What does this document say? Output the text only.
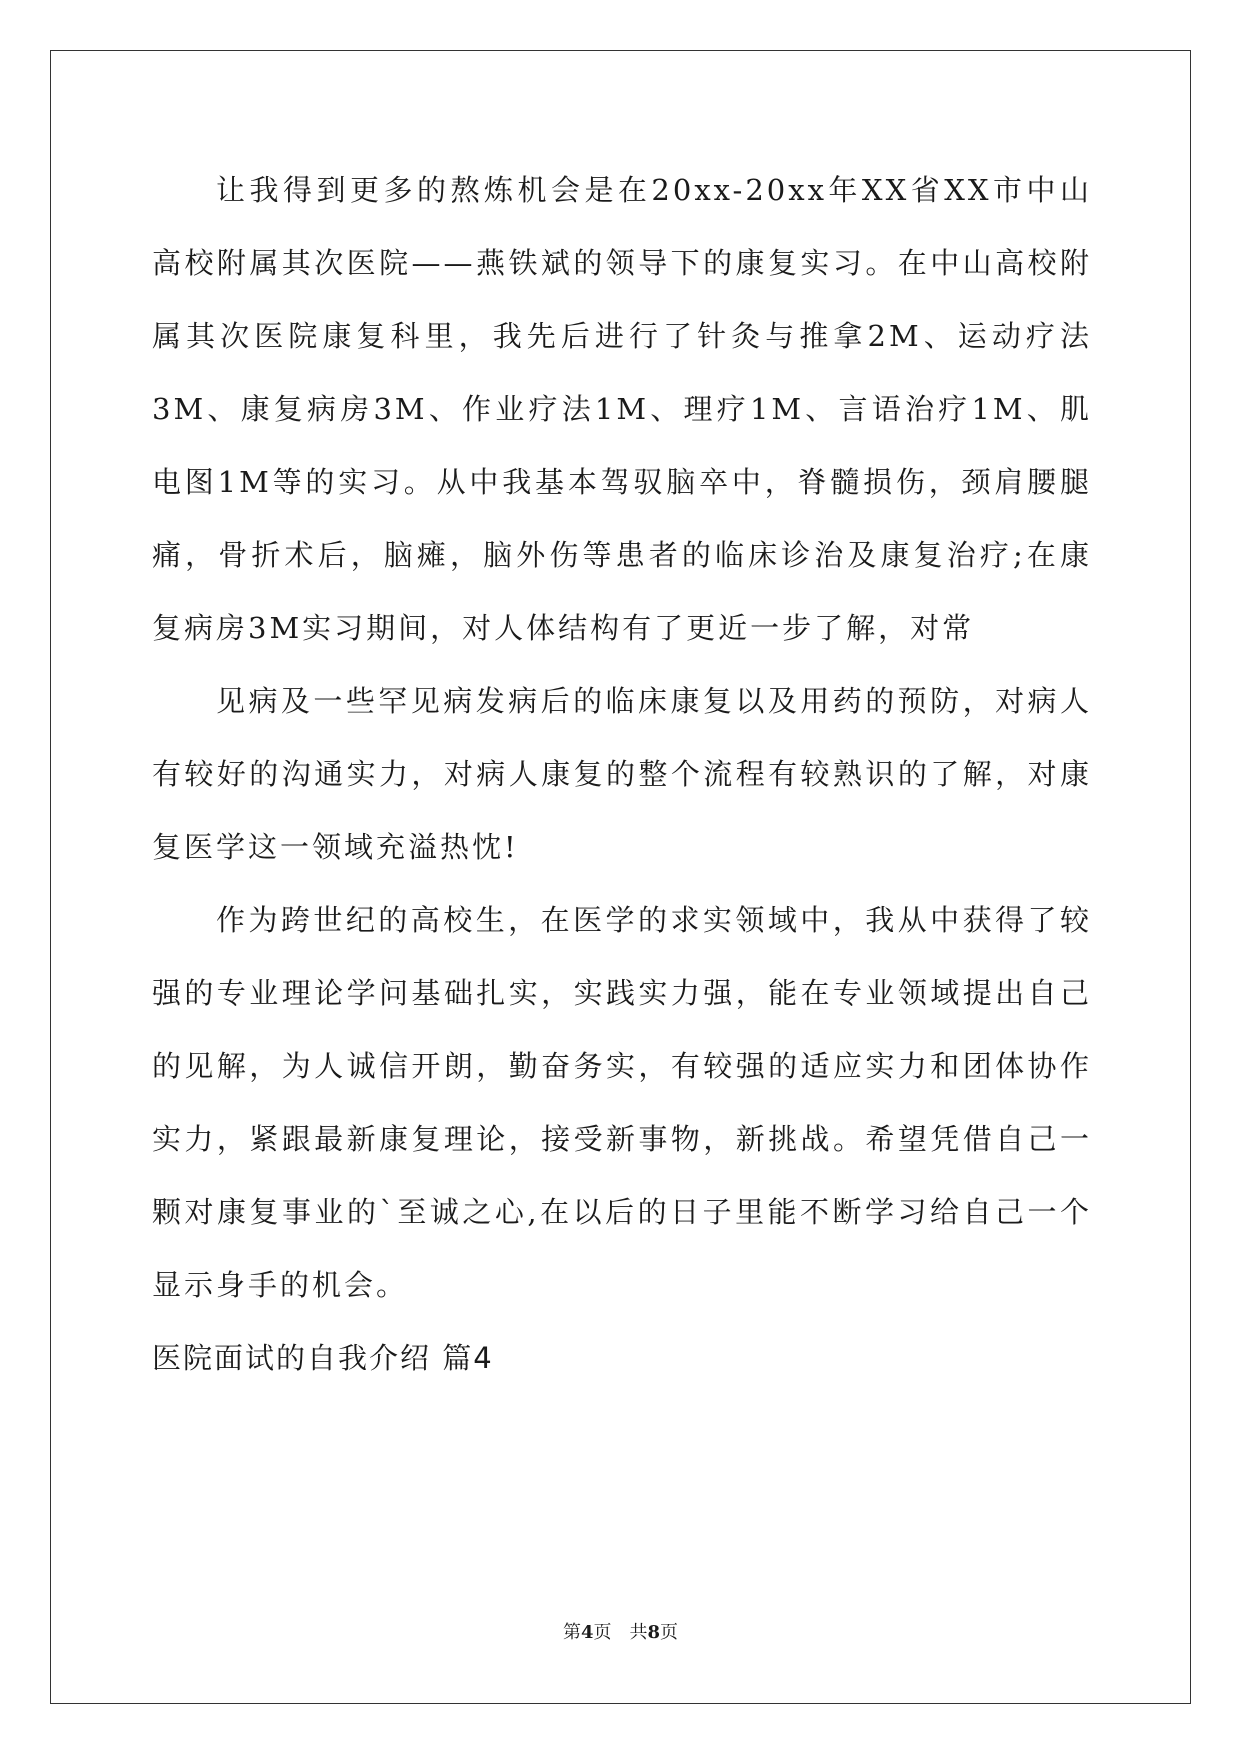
让我得到更多的熬炼机会是在20xx-20xx年XX省XX市中山高校附属其次医院——燕铁斌的领导下的康复实习。在中山高校附属其次医院康复科里，我先后进行了针灸与推拿2M、运动疗法3M、康复病房3M、作业疗法1M、理疗1M、言语治疗1M、肌电图1M等的实习。从中我基本驾驭脑卒中，脊髓损伤，颈肩腰腿痛，骨折术后，脑瘫，脑外伤等患者的临床诊治及康复治疗;在康复病房3M实习期间，对人体结构有了更近一步了解，对常

见病及一些罕见病发病后的临床康复以及用药的预防，对病人有较好的沟通实力，对病人康复的整个流程有较熟识的了解，对康复医学这一领域充溢热忱!

作为跨世纪的高校生，在医学的求实领域中，我从中获得了较强的专业理论学问基础扎实，实践实力强，能在专业领域提出自己的见解，为人诚信开朗，勤奋务实，有较强的适应实力和团体协作实力，紧跟最新康复理论，接受新事物，新挑战。希望凭借自己一颗对康复事业的`至诚之心,在以后的日子里能不断学习给自己一个显示身手的机会。

医院面试的自我介绍 篇4

第4页　共8页
